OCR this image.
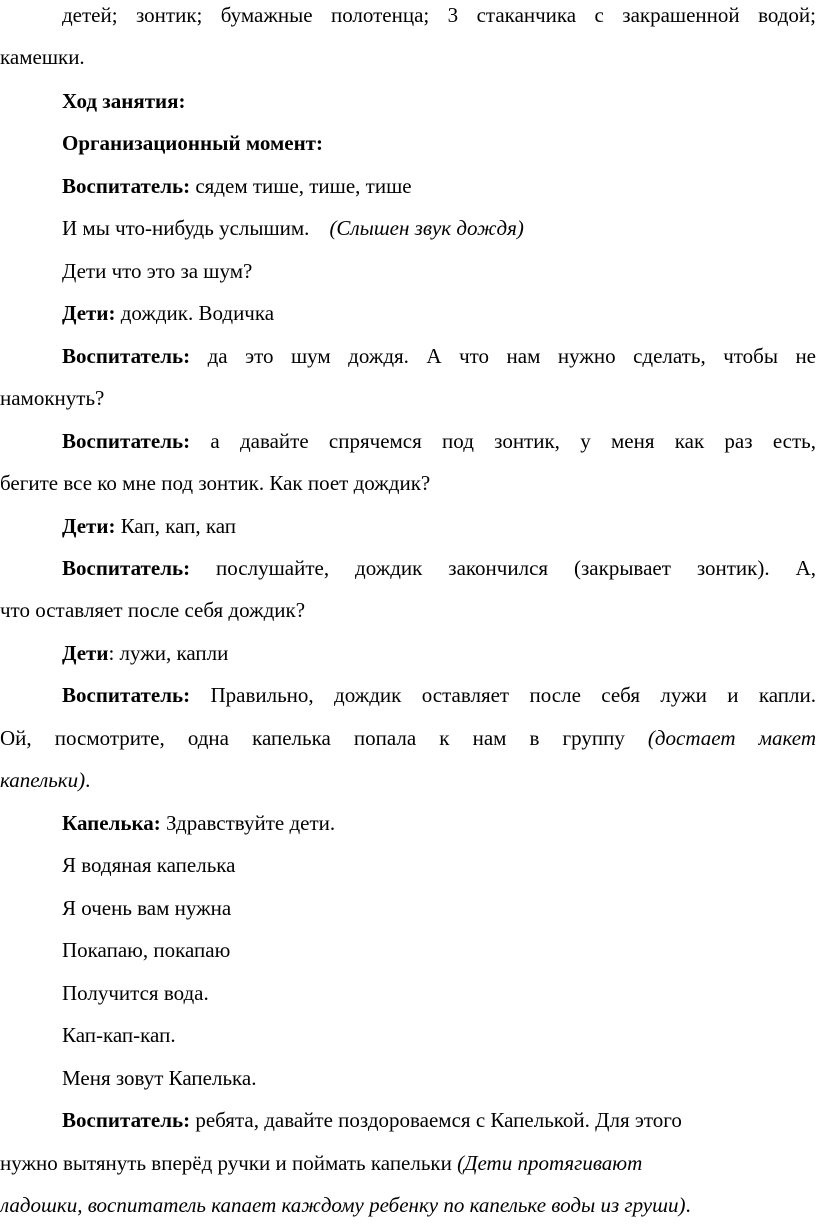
детей; зонтик; бумажные полотенца; 3 стаканчика с закрашенной водой;
камешки.
Ход занятия:
Организационный момент:
Воспитатель: сядем тише, тише, тише
И мы что-нибудь услышим. (Слышен звук дождя)
Дети что это за шум?
Дети: дождик. Водичка
Воспитатель: да это шум дождя. А что нам нужно сделать, чтобы не
намокнуть?
Воспитатель: а давайте спрячемся под зонтик, у меня как раз есть,
бегите все ко мне под зонтик. Как поет дождик?
Дети: Кап, кап, кап
Воспитатель: послушайте, дождик закончился (закрывает зонтик). А,
что оставляет после себя дождик?
Дети: лужи, капли
Воспитатель: Правильно, дождик оставляет после себя лужи и капли.
Ой, посмотрите, одна капелька попала к нам в группу (достает макет
капельки).
Капелька: Здравствуйте дети.
Я водяная капелька
Я очень вам нужна
Покапаю, покапаю
Получится вода.
Кап-кап-кап.
Меня зовут Капелька.
Воспитатель: ребята, давайте поздороваемся с Капелькой. Для этого
нужно вытянуть вперёд ручки и поймать капельки (Дети протягивают
ладошки, воспитатель капает каждому ребенку по капельке воды из груши).
